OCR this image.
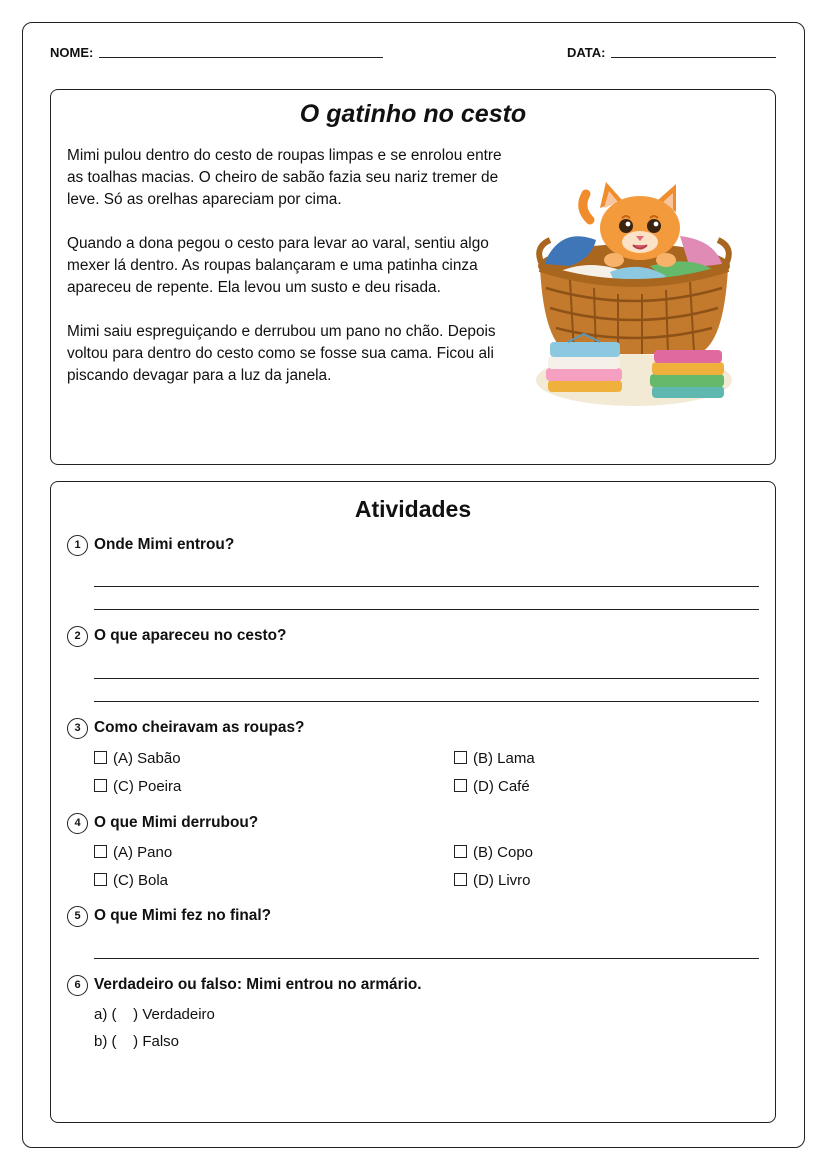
NOME:	DATA:
O gatinho no cesto

Mimi pulou dentro do cesto de roupas limpas e se enrolou entre as toalhas macias. O cheiro de sabão fazia seu nariz tremer de leve. Só as orelhas apareciam por cima.

Quando a dona pegou o cesto para levar ao varal, sentiu algo mexer lá dentro. As roupas balançaram e uma patinha cinza apareceu de repente. Ela levou um susto e deu risada.

Mimi saiu espreguiçando e derrubou um pano no chão. Depois voltou para dentro do cesto como se fosse sua cama. Ficou ali piscando devagar para a luz da janela.

Atividades
1 Onde Mimi entrou?
2 O que apareceu no cesto?
3 Como cheiravam as roupas?
(A) Sabão	(B) Lama
(C) Poeira	(D) Café
4 O que Mimi derrubou?
(A) Pano	(B) Copo
(C) Bola	(D) Livro
5 O que Mimi fez no final?
6 Verdadeiro ou falso: Mimi entrou no armário.
a) (    ) Verdadeiro
b) (    ) Falso
